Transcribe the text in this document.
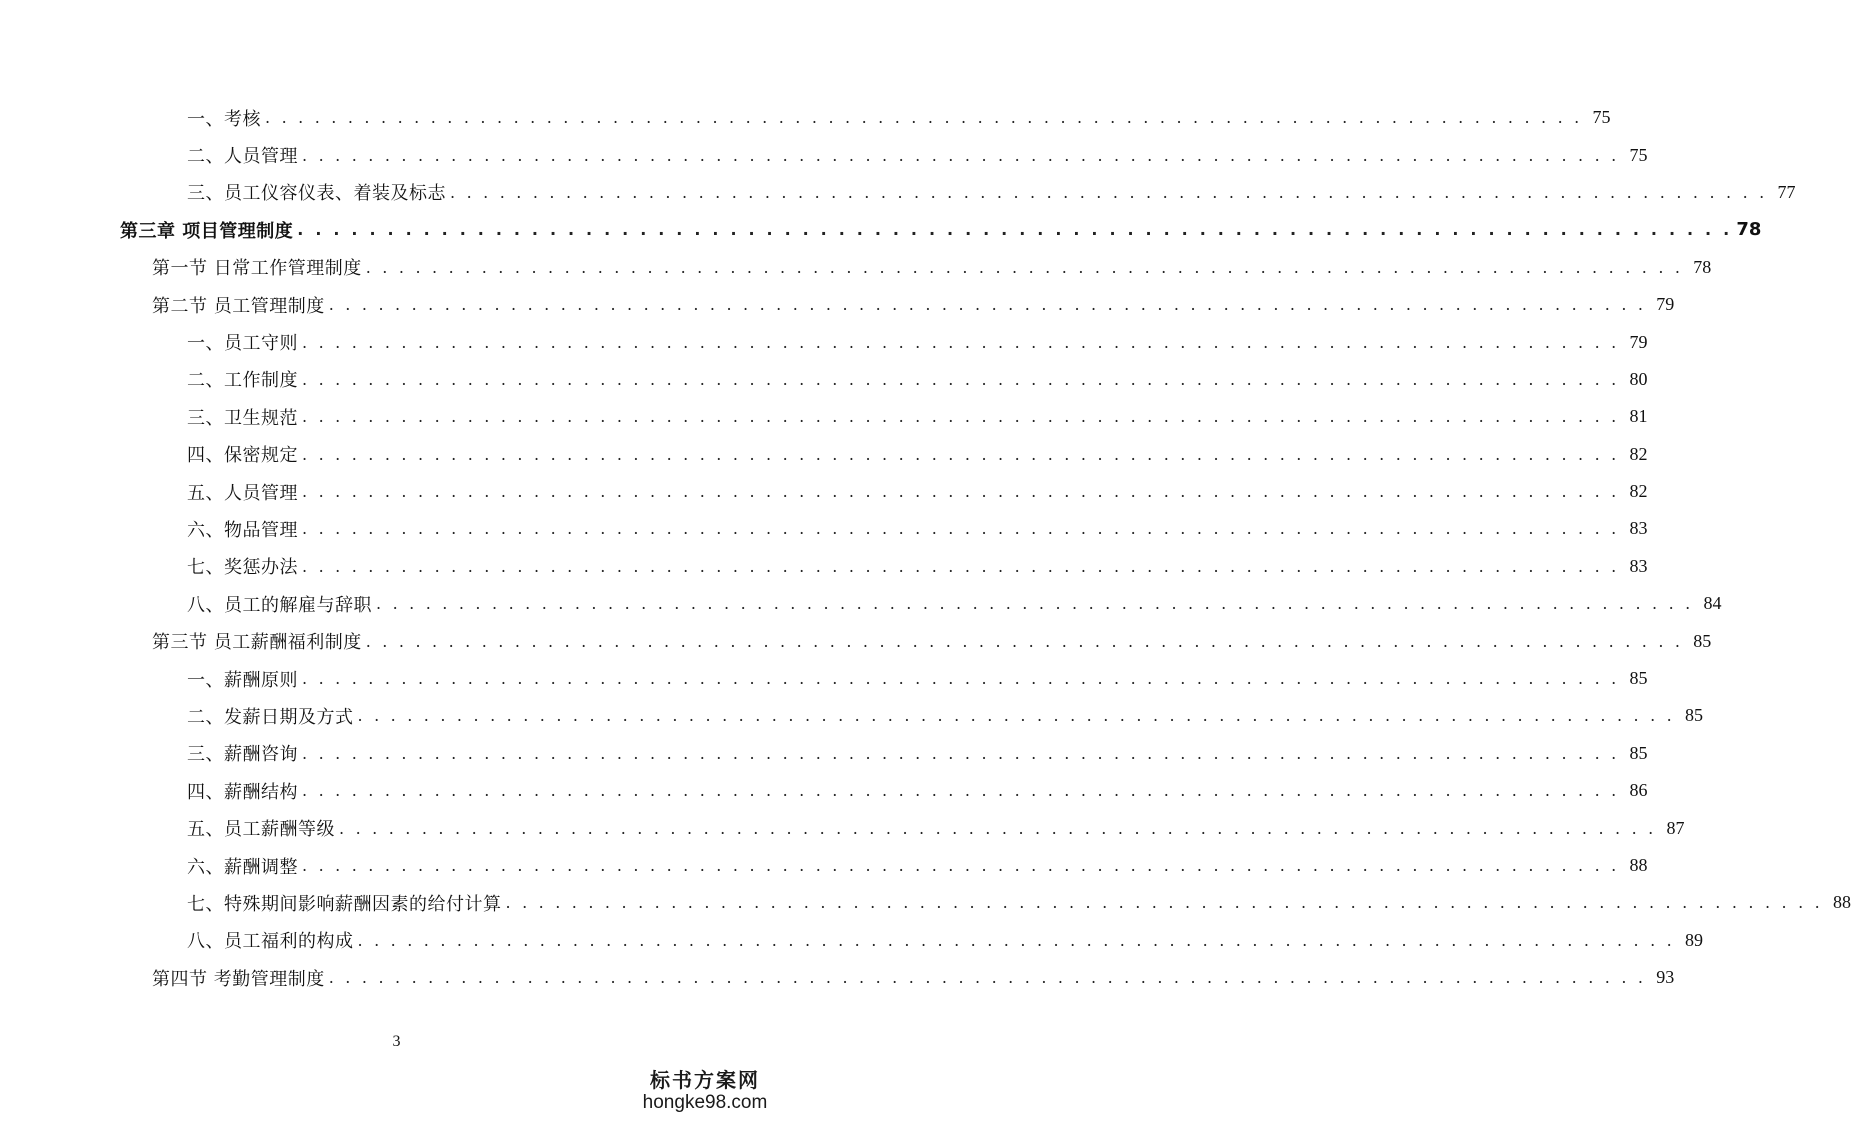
一、考核 . . . . . . . . . . . . . . . . . . . . . . . . . . . . . . . . . . . . . . . . . . . . . . . . . . . . . . . . . . . . . . . . . . . . . . . . . . . . . . . . 75
二、人员管理 . . . . . . . . . . . . . . . . . . . . . . . . . . . . . . . . . . . . . . . . . . . . . . . . . . . . . . . . . . . . . . . . . . . . . . . . . . . . . . . . 75
三、员工仪容仪表、着装及标志 . . . . . . . . . . . . . . . . . . . . . . . . . . . . . . . . . . . . . . . . . . . . . . . . . . . . . . . . . . . . . . . . . . . . . . . . . . . . . . . . 77
第三章 项目管理制度 . . . . . . . . . . . . . . . . . . . . . . . . . . . . . . . . . . . . . . . . . . . . . . . . . . . . . . . . . . . . . . . . . . . . . . . . . . . . . . . . 78
第一节 日常工作管理制度 . . . . . . . . . . . . . . . . . . . . . . . . . . . . . . . . . . . . . . . . . . . . . . . . . . . . . . . . . . . . . . . . . . . . . . . . . . . . . . . . 78
第二节 员工管理制度 . . . . . . . . . . . . . . . . . . . . . . . . . . . . . . . . . . . . . . . . . . . . . . . . . . . . . . . . . . . . . . . . . . . . . . . . . . . . . . . . 79
一、员工守则 . . . . . . . . . . . . . . . . . . . . . . . . . . . . . . . . . . . . . . . . . . . . . . . . . . . . . . . . . . . . . . . . . . . . . . . . . . . . . . . . 79
二、工作制度 . . . . . . . . . . . . . . . . . . . . . . . . . . . . . . . . . . . . . . . . . . . . . . . . . . . . . . . . . . . . . . . . . . . . . . . . . . . . . . . . 80
三、卫生规范 . . . . . . . . . . . . . . . . . . . . . . . . . . . . . . . . . . . . . . . . . . . . . . . . . . . . . . . . . . . . . . . . . . . . . . . . . . . . . . . . 81
四、保密规定 . . . . . . . . . . . . . . . . . . . . . . . . . . . . . . . . . . . . . . . . . . . . . . . . . . . . . . . . . . . . . . . . . . . . . . . . . . . . . . . . 82
五、人员管理 . . . . . . . . . . . . . . . . . . . . . . . . . . . . . . . . . . . . . . . . . . . . . . . . . . . . . . . . . . . . . . . . . . . . . . . . . . . . . . . . 82
六、物品管理 . . . . . . . . . . . . . . . . . . . . . . . . . . . . . . . . . . . . . . . . . . . . . . . . . . . . . . . . . . . . . . . . . . . . . . . . . . . . . . . . 83
七、奖惩办法 . . . . . . . . . . . . . . . . . . . . . . . . . . . . . . . . . . . . . . . . . . . . . . . . . . . . . . . . . . . . . . . . . . . . . . . . . . . . . . . . 83
八、员工的解雇与辞职 . . . . . . . . . . . . . . . . . . . . . . . . . . . . . . . . . . . . . . . . . . . . . . . . . . . . . . . . . . . . . . . . . . . . . . . . . . . . . . . . 84
第三节 员工薪酬福利制度 . . . . . . . . . . . . . . . . . . . . . . . . . . . . . . . . . . . . . . . . . . . . . . . . . . . . . . . . . . . . . . . . . . . . . . . . . . . . . . . . 85
一、薪酬原则 . . . . . . . . . . . . . . . . . . . . . . . . . . . . . . . . . . . . . . . . . . . . . . . . . . . . . . . . . . . . . . . . . . . . . . . . . . . . . . . . 85
二、发薪日期及方式 . . . . . . . . . . . . . . . . . . . . . . . . . . . . . . . . . . . . . . . . . . . . . . . . . . . . . . . . . . . . . . . . . . . . . . . . . . . . . . . . 85
三、薪酬咨询 . . . . . . . . . . . . . . . . . . . . . . . . . . . . . . . . . . . . . . . . . . . . . . . . . . . . . . . . . . . . . . . . . . . . . . . . . . . . . . . . 85
四、薪酬结构 . . . . . . . . . . . . . . . . . . . . . . . . . . . . . . . . . . . . . . . . . . . . . . . . . . . . . . . . . . . . . . . . . . . . . . . . . . . . . . . . 86
五、员工薪酬等级 . . . . . . . . . . . . . . . . . . . . . . . . . . . . . . . . . . . . . . . . . . . . . . . . . . . . . . . . . . . . . . . . . . . . . . . . . . . . . . . . 87
六、薪酬调整 . . . . . . . . . . . . . . . . . . . . . . . . . . . . . . . . . . . . . . . . . . . . . . . . . . . . . . . . . . . . . . . . . . . . . . . . . . . . . . . . 88
七、特殊期间影响薪酬因素的给付计算 . . . . . . . . . . . . . . . . . . . . . . . . . . . . . . . . . . . . . . . . . . . . . . . . . . . . . . . . . . . . . . . . . . . . . . . . . . . . . . . . 88
八、员工福利的构成 . . . . . . . . . . . . . . . . . . . . . . . . . . . . . . . . . . . . . . . . . . . . . . . . . . . . . . . . . . . . . . . . . . . . . . . . . . . . . . . . 89
第四节 考勤管理制度 . . . . . . . . . . . . . . . . . . . . . . . . . . . . . . . . . . . . . . . . . . . . . . . . . . . . . . . . . . . . . . . . . . . . . . . . . . . . . . . . 93
3
标书方案网
hongke98.com
